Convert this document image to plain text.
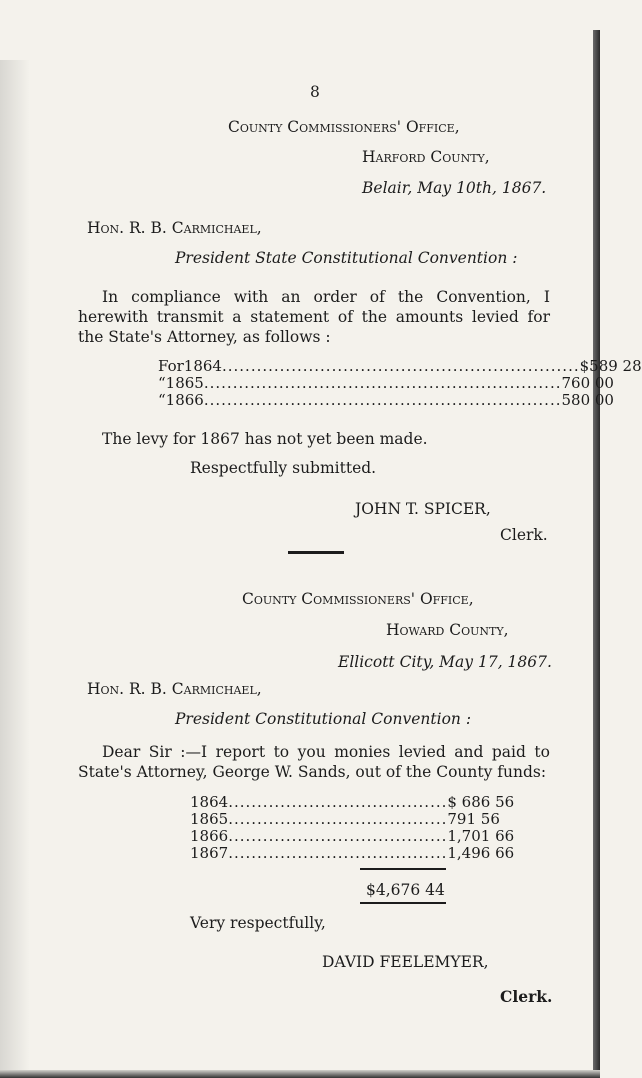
8
County Commissioners' Office,
Harford County,
Belair, May 10th, 1867.
Hon. R. B. Carmichael,
President State Constitutional Convention :
In compliance with an order of the Convention, I herewith transmit a statement of the amounts levied for the State's Attorney, as follows :
For 1864 .............................................................. $589 28
“ 1865 .............................................................. 760 00
“ 1866 .............................................................. 580 00
The levy for 1867 has not yet been made.
Respectfully submitted.
JOHN T. SPICER,
Clerk.
County Commissioners' Office,
Howard County,
Ellicott City, May 17, 1867.
Hon. R. B. Carmichael,
President Constitutional Convention :
Dear Sir :—I report to you monies levied and paid to State's Attorney, George W. Sands, out of the County funds:
1864 ...................................... $ 686 56
1865 ...................................... 791 56
1866 ...................................... 1,701 66
1867 ...................................... 1,496 66
$4,676 44
Very respectfully,
DAVID FEELEMYER,
Clerk.
